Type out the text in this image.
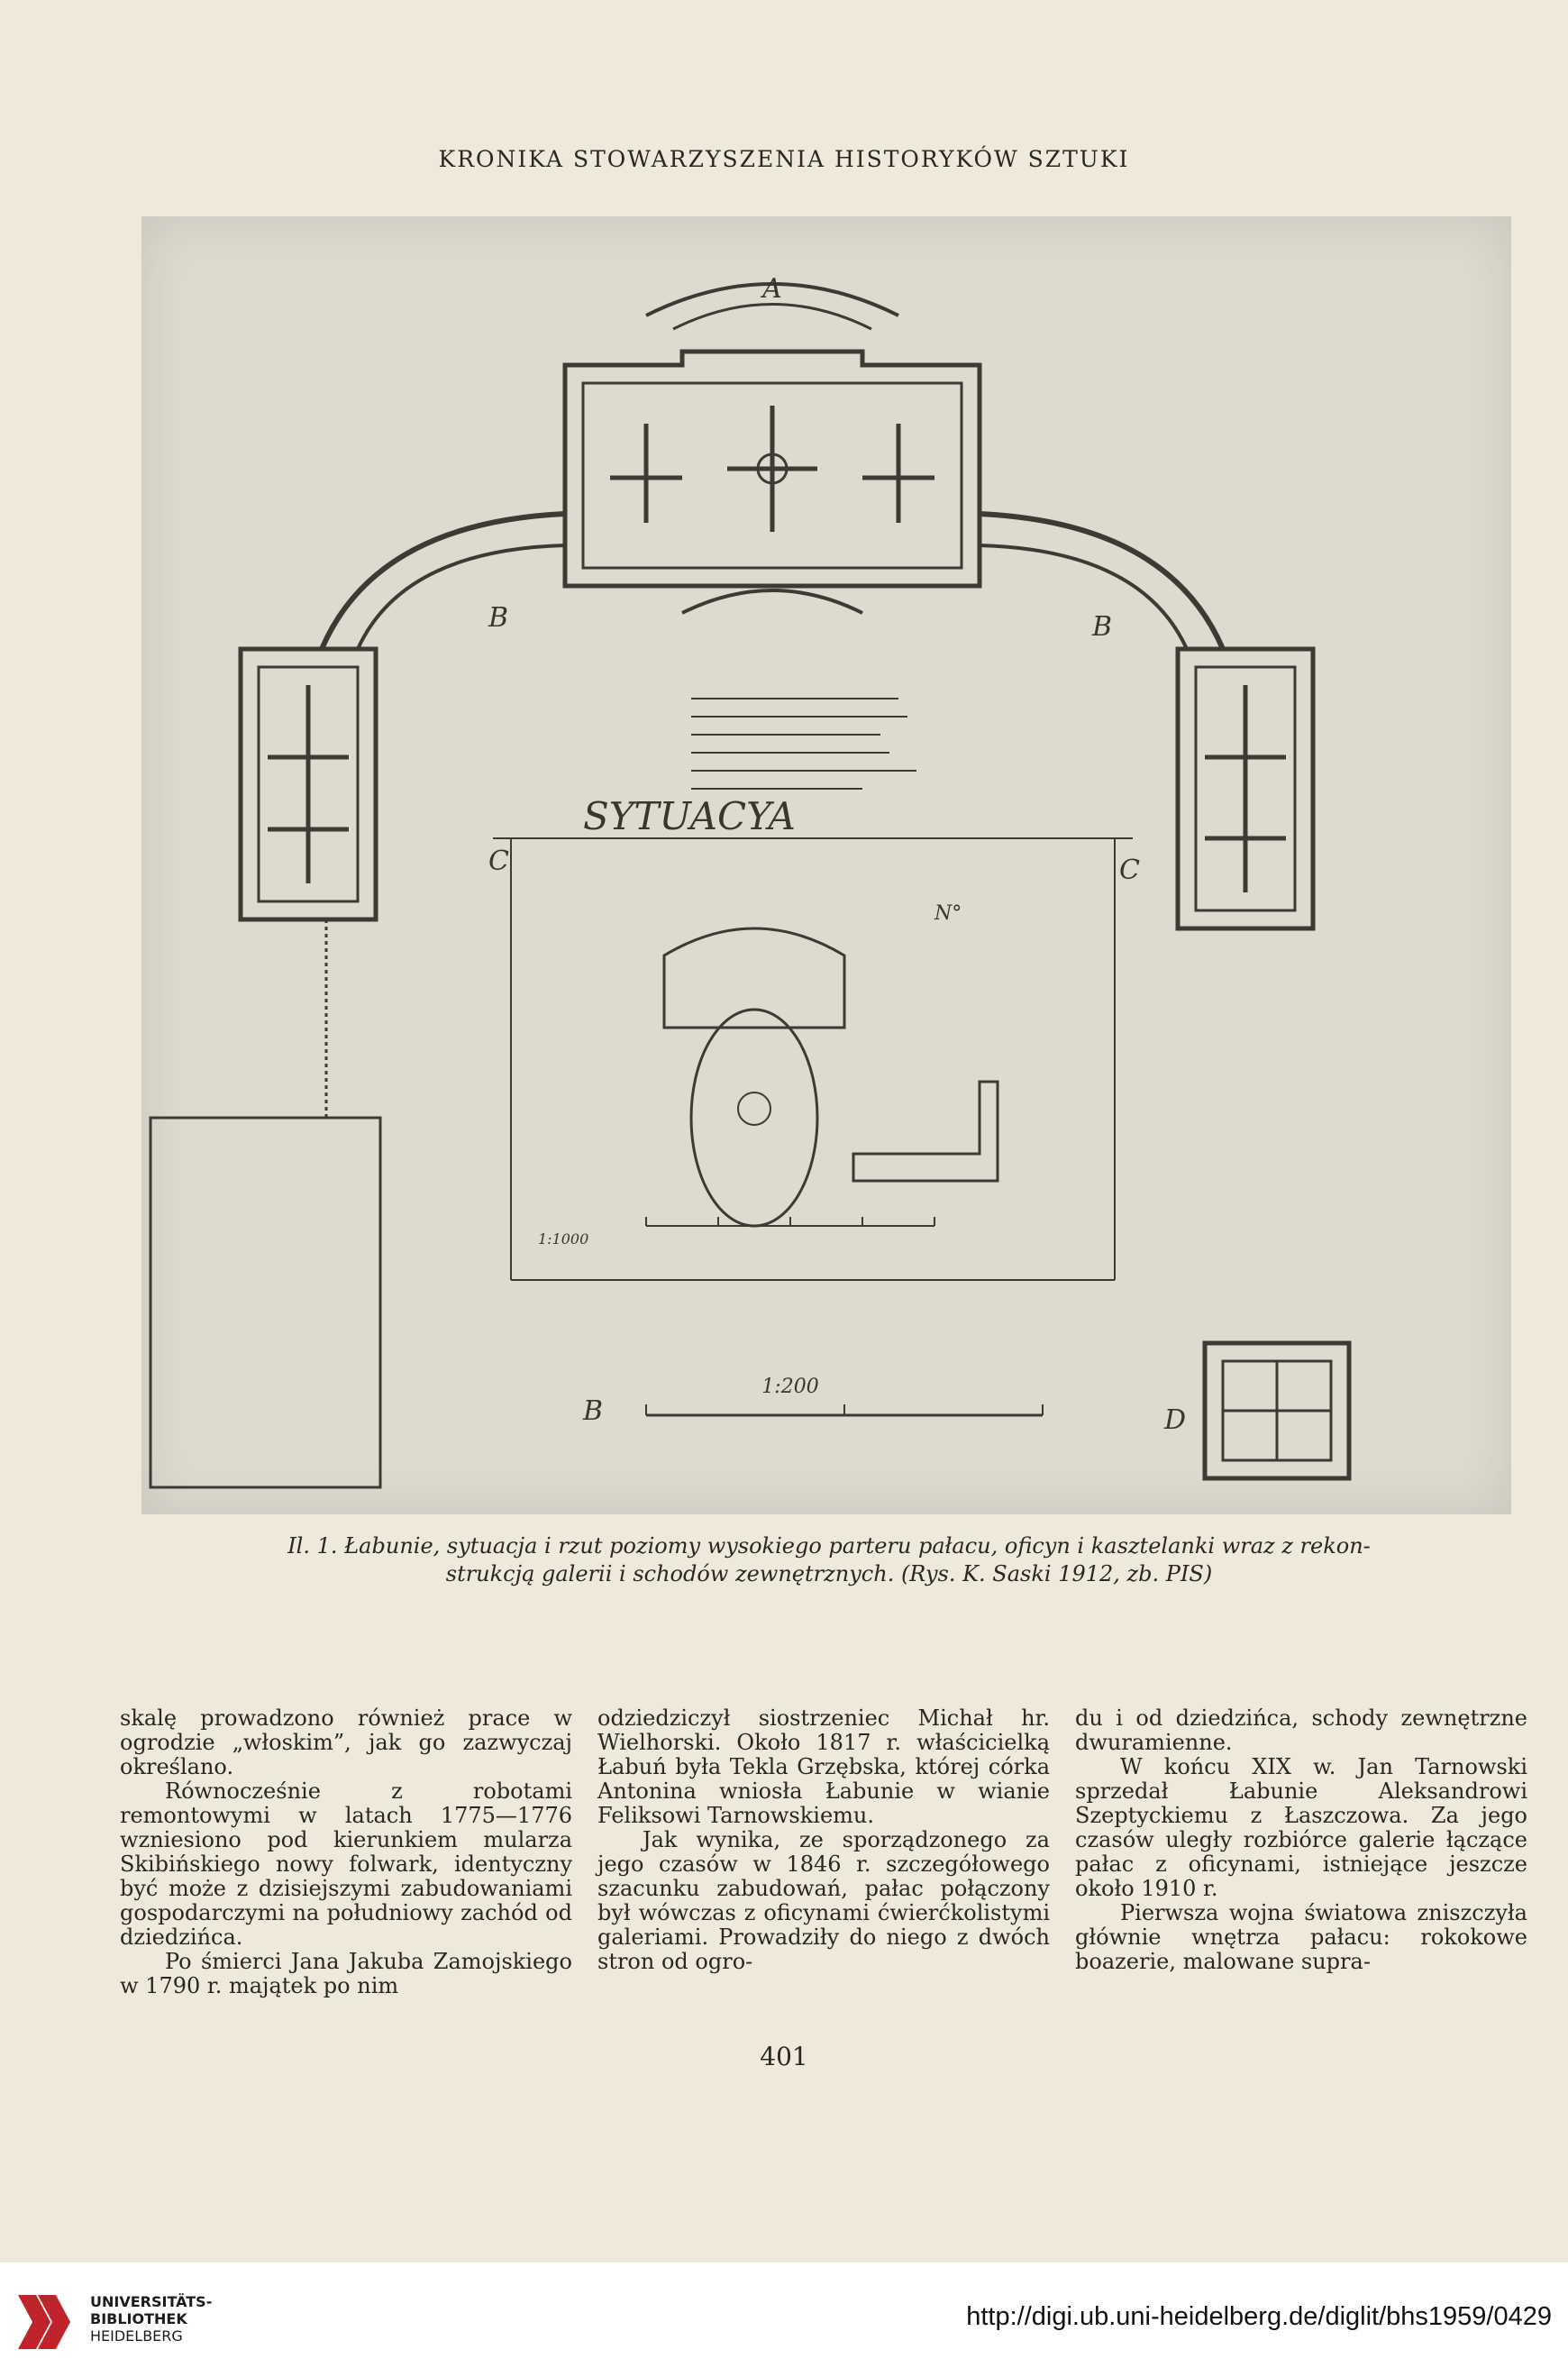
KRONIKA STOWARZYSZENIA HISTORYKÓW SZTUKI
A
B	B
C	C
D
B
SYTUACYA
1:200
1:1000
N°
Il. 1. Łabunie, sytuacja i rzut poziomy wysokiego parteru pałacu, oficyn i kasztelanki wraz z rekon-
strukcją galerii i schodów zewnętrznych. (Rys. K. Saski 1912, zb. PIS)

skalę prowadzono również prace w ogrodzie „włoskim”, jak go zazwyczaj określano.

Równocześnie z robotami remontowymi w latach 1775—1776 wzniesiono pod kierunkiem mularza Skibińskiego nowy folwark, identyczny być może z dzisiejszymi zabudowaniami gospodarczymi na południowy zachód od dziedzińca.

Po śmierci Jana Jakuba Zamojskiego w 1790 r. majątek po nim

odziedziczył siostrzeniec Michał hr. Wielhorski. Około 1817 r. właścicielką Łabuń była Tekla Grzębska, której córka Antonina wniosła Łabunie w wianie Feliksowi Tarnowskiemu.

Jak wynika, ze sporządzonego za jego czasów w 1846 r. szczegółowego szacunku zabudowań, pałac połączony był wówczas z oficynami ćwierćkolistymi galeriami. Prowadziły do niego z dwóch stron od ogro-

du i od dziedzińca, schody zewnętrzne dwuramienne.

W końcu XIX w. Jan Tarnowski sprzedał Łabunie Aleksandrowi Szeptyckiemu z Łaszczowa. Za jego czasów uległy rozbiórce galerie łączące pałac z oficynami, istniejące jeszcze około 1910 r.

Pierwsza wojna światowa zniszczyła głównie wnętrza pałacu: rokokowe boazerie, malowane supra-

401
UNIVERSITÄTS-
BIBLIOTHEK
HEIDELBERG
http://digi.ub.uni-heidelberg.de/diglit/bhs1959/0429
